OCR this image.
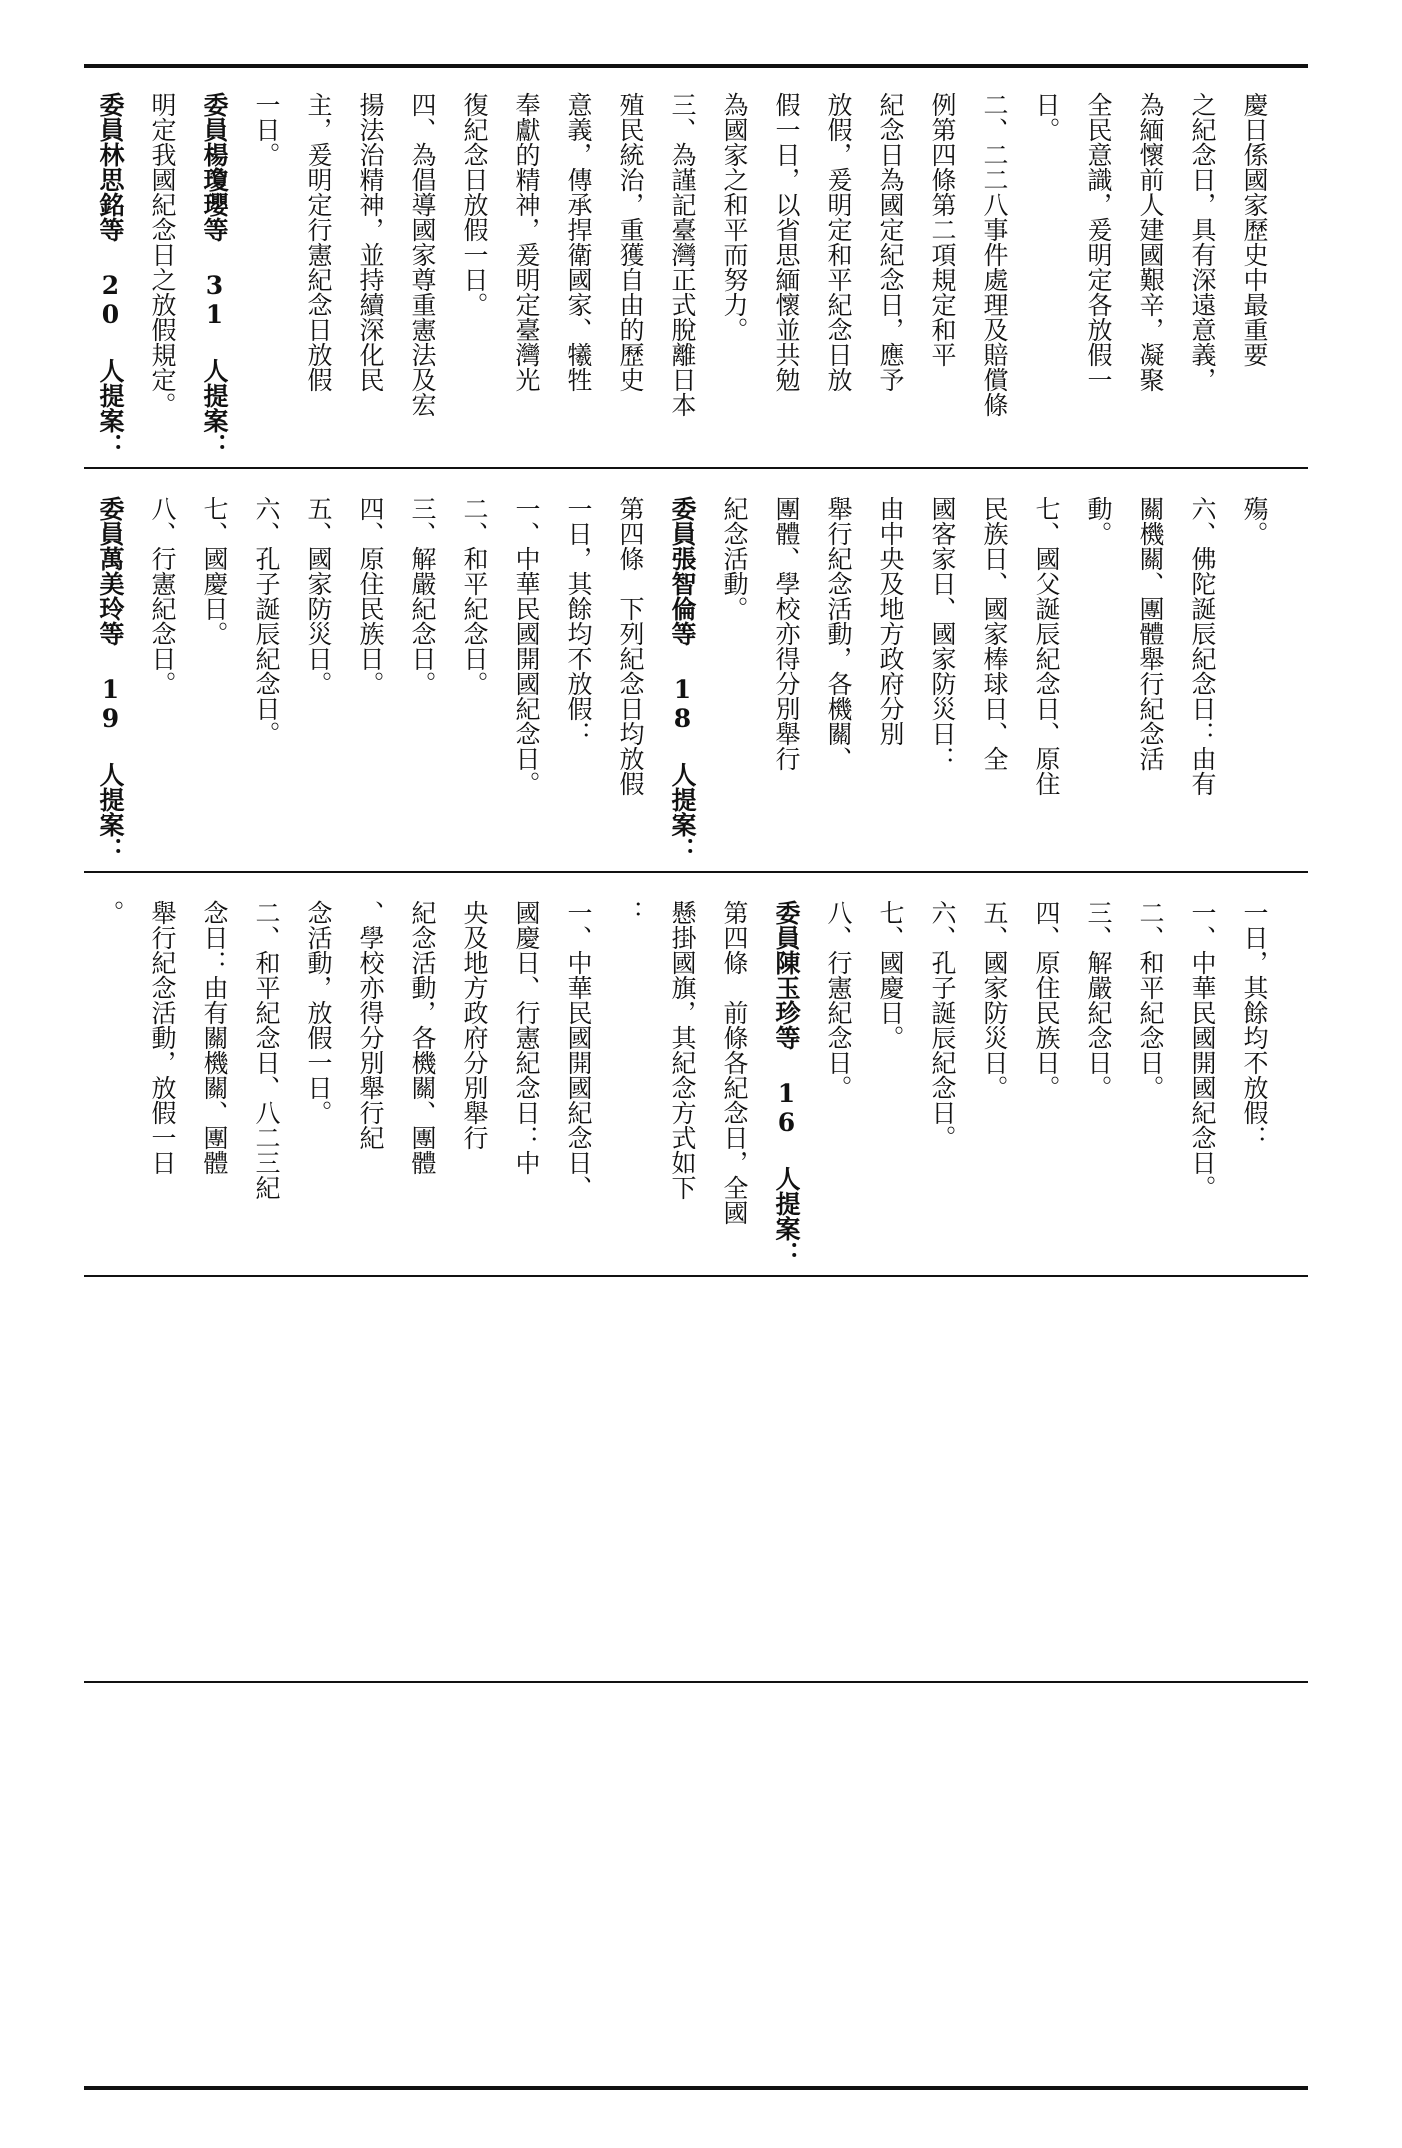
慶日係國家歷史中最重要
之紀念日，具有深遠意義，
為緬懷前人建國艱辛，凝聚
全民意識，爰明定各放假一
日。
二、二二八事件處理及賠償條
例第四條第二項規定和平
紀念日為國定紀念日，應予
放假，爰明定和平紀念日放
假一日，以省思緬懷並共勉
為國家之和平而努力。
三、為謹記臺灣正式脫離日本
殖民統治，重獲自由的歷史
意義，傳承捍衛國家、犧牲
奉獻的精神，爰明定臺灣光
復紀念日放假一日。
四、為倡導國家尊重憲法及宏
揚法治精神，並持續深化民
主，爰明定行憲紀念日放假
一日。
委員楊瓊瓔等 31 人提案：
明定我國紀念日之放假規定。
委員林思銘等 20 人提案：
殤。
六、佛陀誕辰紀念日：由有
關機關、團體舉行紀念活
動。
七、國父誕辰紀念日、原住
民族日、國家棒球日、全
國客家日、國家防災日：
由中央及地方政府分別
舉行紀念活動，各機關、
團體、學校亦得分別舉行
紀念活動。
委員張智倫等 18 人提案：
第四條　下列紀念日均放假
一日，其餘均不放假：
一、中華民國開國紀念日。
二、和平紀念日。
三、解嚴紀念日。
四、原住民族日。
五、國家防災日。
六、孔子誕辰紀念日。
七、國慶日。
八、行憲紀念日。
委員萬美玲等 19 人提案：
一日，其餘均不放假：
一、中華民國開國紀念日。
二、和平紀念日。
三、解嚴紀念日。
四、原住民族日。
五、國家防災日。
六、孔子誕辰紀念日。
七、國慶日。
八、行憲紀念日。
委員陳玉珍等 16 人提案：
第四條　前條各紀念日，全國
懸掛國旗，其紀念方式如下
：
一、中華民國開國紀念日、
國慶日、行憲紀念日：中
央及地方政府分別舉行
紀念活動，各機關、團體
、學校亦得分別舉行紀
念活動，放假一日。
二、和平紀念日、八二三紀
念日：由有關機關、團體
舉行紀念活動，放假一日
。
